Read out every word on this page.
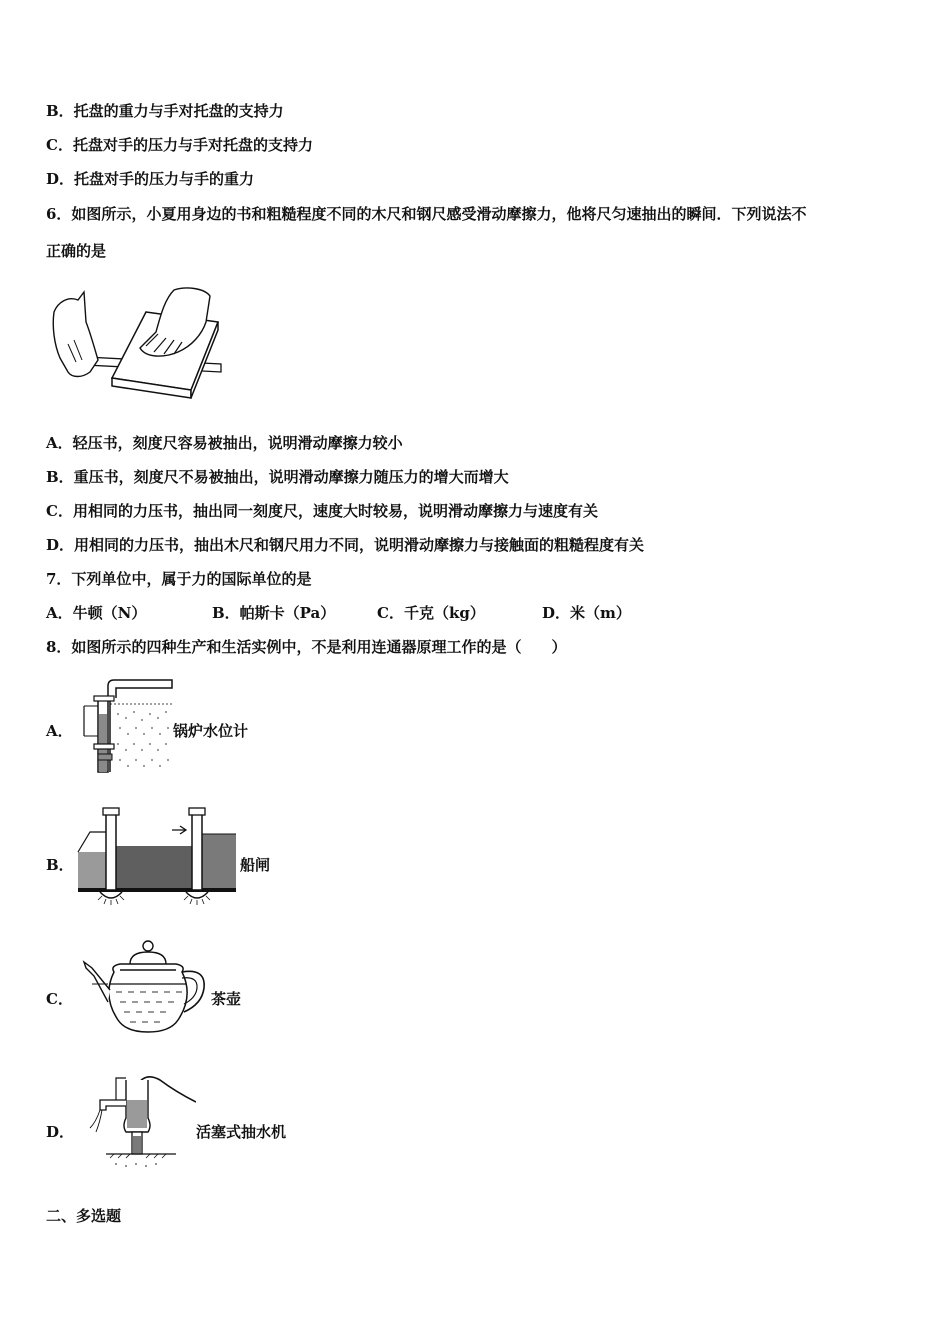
B．托盘的重力与手对托盘的支持力
C．托盘对手的压力与手对托盘的支持力
D．托盘对手的压力与手的重力
6．如图所示，小夏用身边的书和粗糙程度不同的木尺和钢尺感受滑动摩擦力，他将尺匀速抽出的瞬间．下列说法不
正确的是
A．轻压书，刻度尺容易被抽出，说明滑动摩擦力较小
B．重压书，刻度尺不易被抽出，说明滑动摩擦力随压力的增大而增大
C．用相同的力压书，抽出同一刻度尺，速度大时较易，说明滑动摩擦力与速度有关
D．用相同的力压书，抽出木尺和钢尺用力不同，说明滑动摩擦力与接触面的粗糙程度有关
7．下列单位中，属于力的国际单位的是
A．牛顿（N）	B．帕斯卡（Pa）	C．千克（kg）	D．米（m）
8．如图所示的四种生产和生活实例中，不是利用连通器原理工作的是（　　）
A．	锅炉水位计
B．	船闸
C．	茶壶
D．	活塞式抽水机
二、多选题
